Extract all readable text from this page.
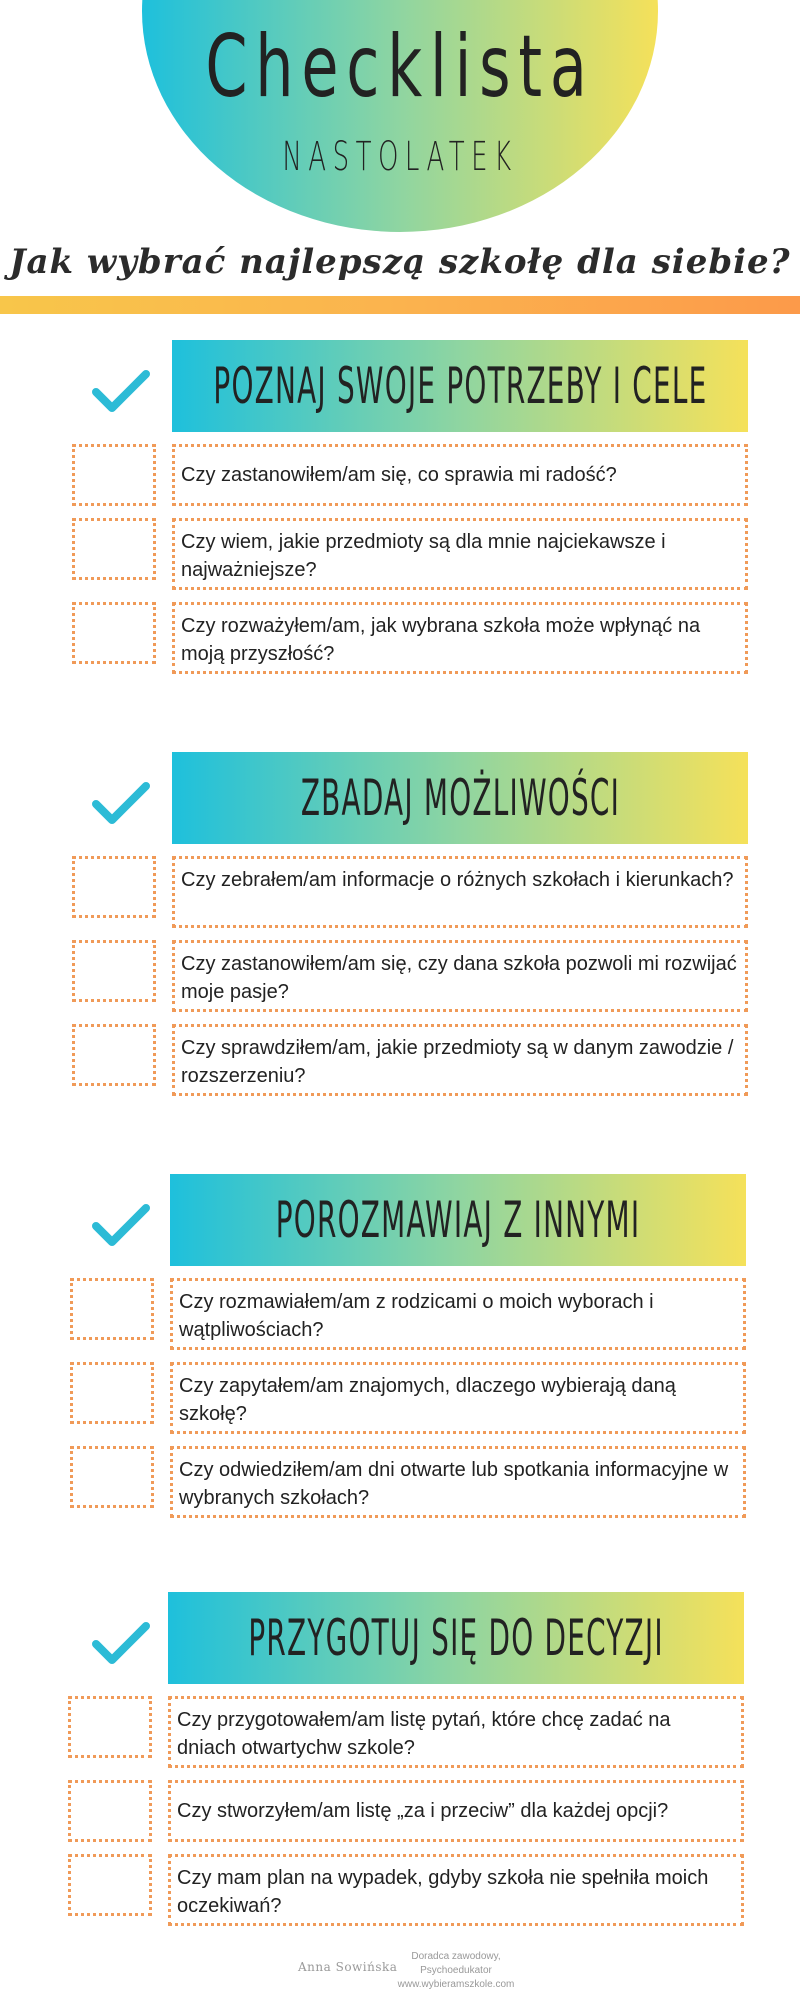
Checklista
NASTOLATEK
Jak wybrać najlepszą szkołę dla siebie?
POZNAJ SWOJE POTRZEBY I CELE
Czy zastanowiłem/am się, co sprawia mi radość?
Czy wiem, jakie przedmioty są dla mnie najciekawsze i najważniejsze?
Czy rozważyłem/am, jak wybrana szkoła może wpłynąć na moją przyszłość?
ZBADAJ MOŻLIWOŚCI
Czy zebrałem/am informacje o różnych szkołach i kierunkach?
Czy zastanowiłem/am się, czy dana szkoła pozwoli mi rozwijać moje pasje?
Czy sprawdziłem/am, jakie przedmioty są w danym zawodzie / rozszerzeniu?
POROZMAWIAJ Z INNYMI
Czy rozmawiałem/am z rodzicami o moich wyborach i wątpliwościach?
Czy zapytałem/am znajomych, dlaczego wybierają daną szkołę?
Czy odwiedziłem/am dni otwarte lub spotkania informacyjne w wybranych szkołach?
PRZYGOTUJ SIĘ DO DECYZJI
Czy przygotowałem/am listę pytań, które chcę zadać na dniach otwartychw szkole?
Czy stworzyłem/am listę „za i przeciw” dla każdej opcji?
Czy mam plan na wypadek, gdyby szkoła nie spełniła moich oczekiwań?
Anna Sowińska
Doradca zawodowy, Psychoedukator
www.wybieramszkole.com
